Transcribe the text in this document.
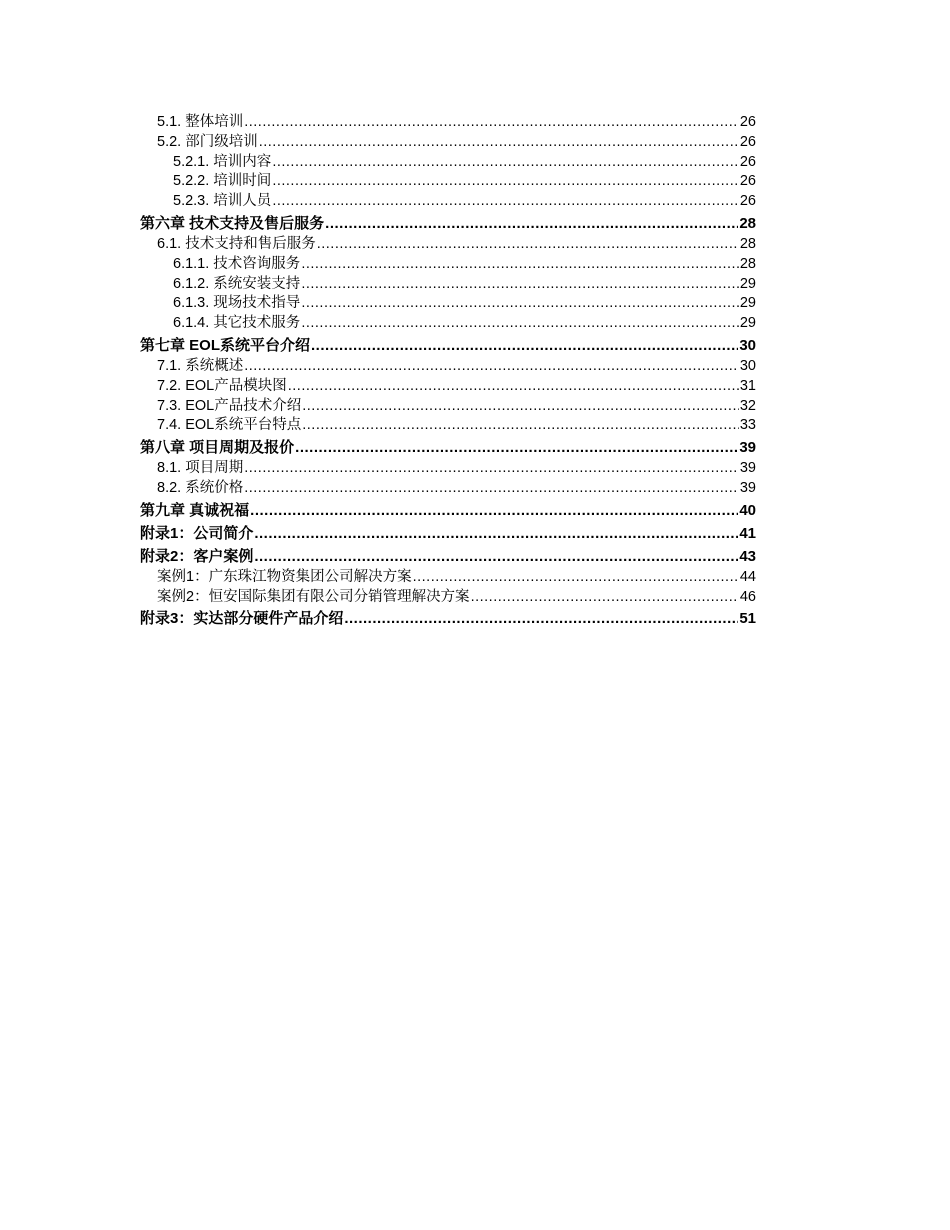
5.1. 整体培训 .....	26
5.2. 部门级培训 .....	26
5.2.1. 培训内容 .....	26
5.2.2. 培训时间 .....	26
5.2.3. 培训人员 .....	26
第六章 技术支持及售后服务 .....	28
6.1. 技术支持和售后服务 .....	28
6.1.1. 技术咨询服务 .....	28
6.1.2. 系统安装支持 .....	29
6.1.3. 现场技术指导 .....	29
6.1.4. 其它技术服务 .....	29
第七章 EOL系统平台介绍 .....	30
7.1. 系统概述 .....	30
7.2. EOL产品模块图 .....	31
7.3. EOL产品技术介绍 .....	32
7.4. EOL系统平台特点 .....	33
第八章 项目周期及报价 .....	39
8.1. 项目周期 .....	39
8.2. 系统价格 .....	39
第九章 真诚祝福 .....	40
附录1：公司简介 .....	41
附录2：客户案例 .....	43
案例1：广东珠江物资集团公司解决方案 .....	44
案例2：恒安国际集团有限公司分销管理解决方案 .....	46
附录3：实达部分硬件产品介绍 .....	51
